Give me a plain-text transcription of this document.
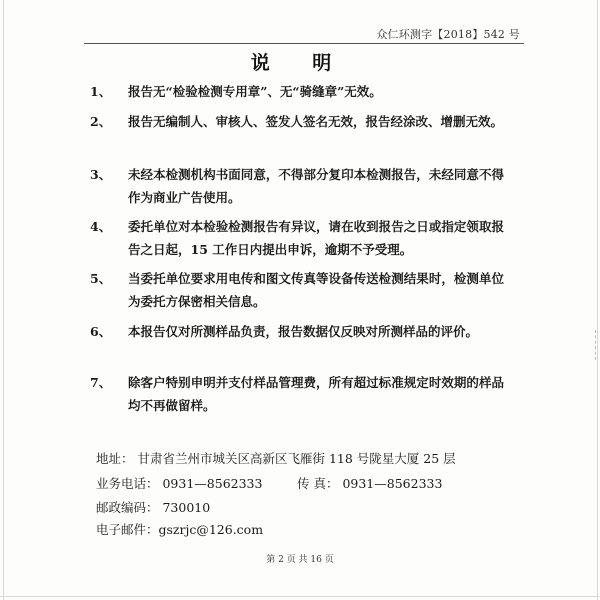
众仁环测字【2018】542 号
说 明
1、 报告无“检验检测专用章”、无“骑缝章”无效。
2、 报告无编制人、审核人、签发人签名无效，报告经涂改、增删无效。
3、 未经本检测机构书面同意，不得部分复印本检测报告，未经同意不得作为商业广告使用。
4、 委托单位对本检验检测报告有异议，请在收到报告之日或指定领取报告之日起，15 工作日内提出申诉，逾期不予受理。
5、 当委托单位要求用电传和图文传真等设备传送检测结果时，检测单位为委托方保密相关信息。
6、 本报告仅对所测样品负责，报告数据仅反映对所测样品的评价。
7、 除客户特别申明并支付样品管理费，所有超过标准规定时效期的样品均不再做留样。
地址： 甘肃省兰州市城关区高新区飞雁街 118 号陇星大厦 25 层
业务电话： 0931—8562333	传 真： 0931—8562333
邮政编码： 730010
电子邮件：gszrjc@126.com
第 2 页 共 16 页
